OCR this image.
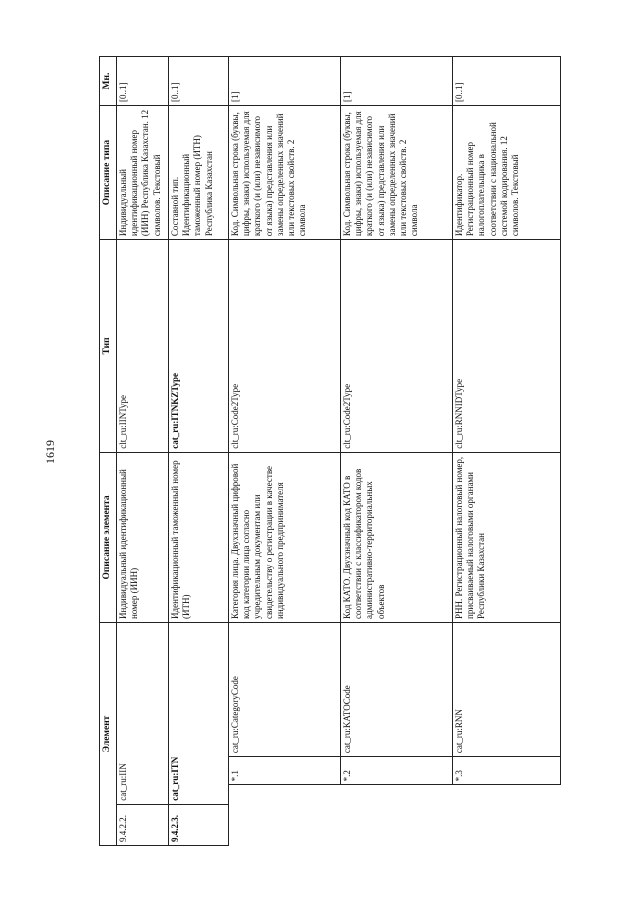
1619
Элемент				Описание элемента	Тип	Описание типа	Мн.
9.4.2.2.	cat_ru:IIN			Индивидуальный идентификационный номер (ИИН)	clt_ru:IINType	Индивидуальный идентификационный номер (ИИН) Республика Казахстан. 12 символов. Текстовый	[0..1]
9.4.2.3.	cat_ru:ITN			Идентификационный таможенный номер (ИТН)	cat_ru:ITNKZType	Составной тип. Идентификационный таможенный номер (ИТН) Республика Казахстан	[0..1]
		*.1	cat_ru:CategoryCode	Категория лица. Двухзначный цифровой код категории лица согласно учредительным документам или свидетельству о регистрации в качестве индивидуального предпринимателя	clt_ru:Code2Type	Код. Символьная строка (буквы, цифры, знаки) используемая для краткого (и (или) независимого от языка) представления или замены определенных значений или текстовых свойств. 2 символа	[1]
		*.2	cat_ru:KATOCode	Код КАТО. Двухзначный код КАТО в соответствии с классификатором кодов административно-территориальных объектов	clt_ru:Code2Type	Код. Символьная строка (буквы, цифры, знаки) используемая для краткого (и (или) независимого от языка) представления или замены определенных значений или текстовых свойств. 2 символа	[1]
		*.3	cat_ru:RNN	РНН. Регистрационный налоговый номер, присваиваемый налоговыми органами Республики Казахстан	clt_ru:RNNIDType	Идентификатор. Регистрационный номер налогоплательщика в соответствии с национальной системой кодирования. 12 символов. Текстовый	[0..1]
